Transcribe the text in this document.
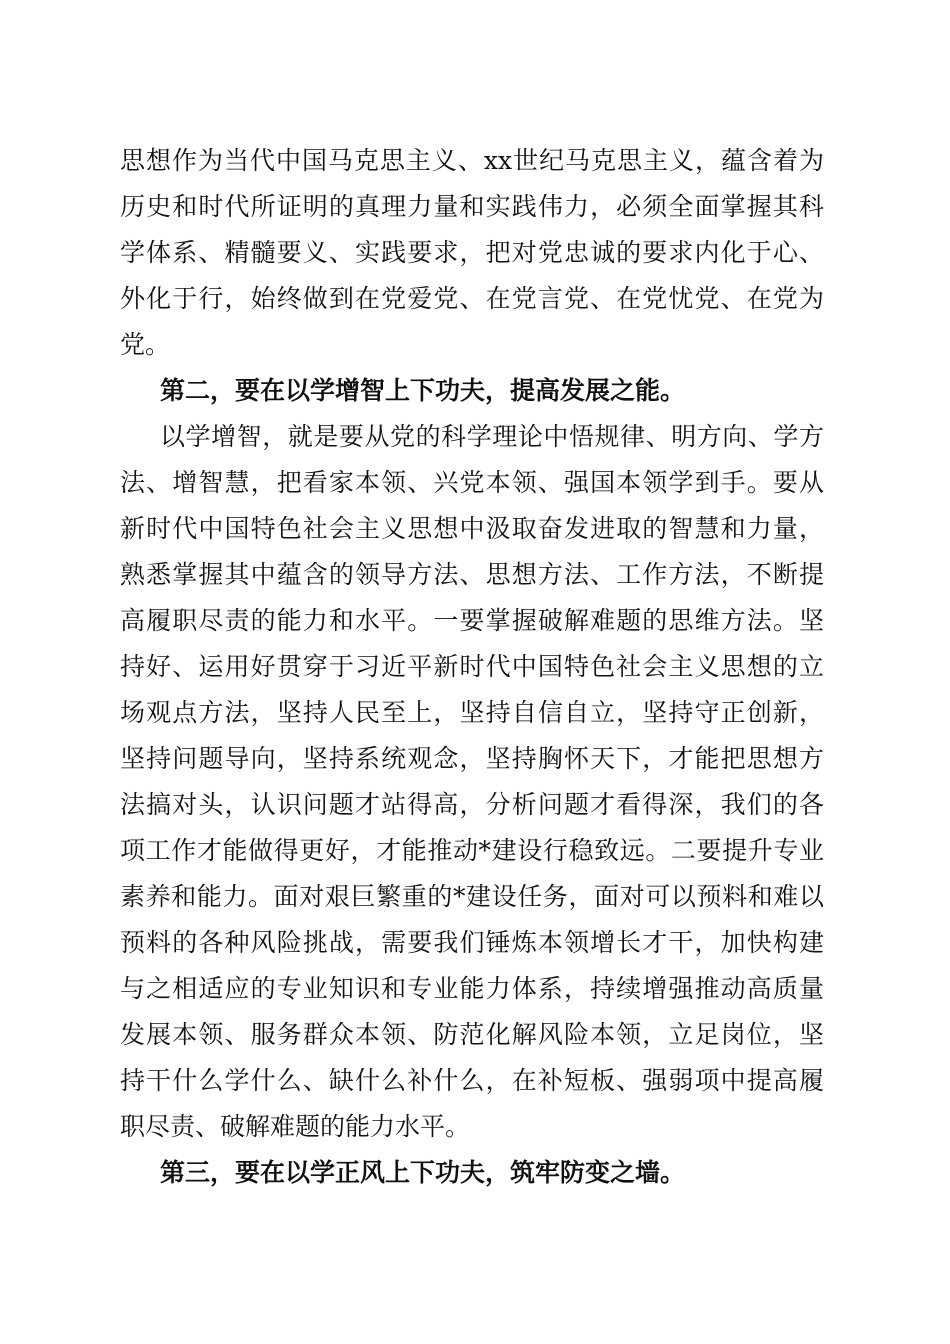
思想作为当代中国马克思主义、xx世纪马克思主义，蕴含着为
历史和时代所证明的真理力量和实践伟力，必须全面掌握其科
学体系、精髓要义、实践要求，把对党忠诚的要求内化于心、
外化于行，始终做到在党爱党、在党言党、在党忧党、在党为
党。
第二，要在以学增智上下功夫，提高发展之能。
以学增智，就是要从党的科学理论中悟规律、明方向、学方
法、增智慧，把看家本领、兴党本领、强国本领学到手。要从
新时代中国特色社会主义思想中汲取奋发进取的智慧和力量，
熟悉掌握其中蕴含的领导方法、思想方法、工作方法，不断提
高履职尽责的能力和水平。一要掌握破解难题的思维方法。坚
持好、运用好贯穿于习近平新时代中国特色社会主义思想的立
场观点方法，坚持人民至上，坚持自信自立，坚持守正创新，
坚持问题导向，坚持系统观念，坚持胸怀天下，才能把思想方
法搞对头，认识问题才站得高，分析问题才看得深，我们的各
项工作才能做得更好，才能推动*建设行稳致远。二要提升专业
素养和能力。面对艰巨繁重的*建设任务，面对可以预料和难以
预料的各种风险挑战，需要我们锤炼本领增长才干，加快构建
与之相适应的专业知识和专业能力体系，持续增强推动高质量
发展本领、服务群众本领、防范化解风险本领，立足岗位，坚
持干什么学什么、缺什么补什么，在补短板、强弱项中提高履
职尽责、破解难题的能力水平。
第三，要在以学正风上下功夫，筑牢防变之墙。
